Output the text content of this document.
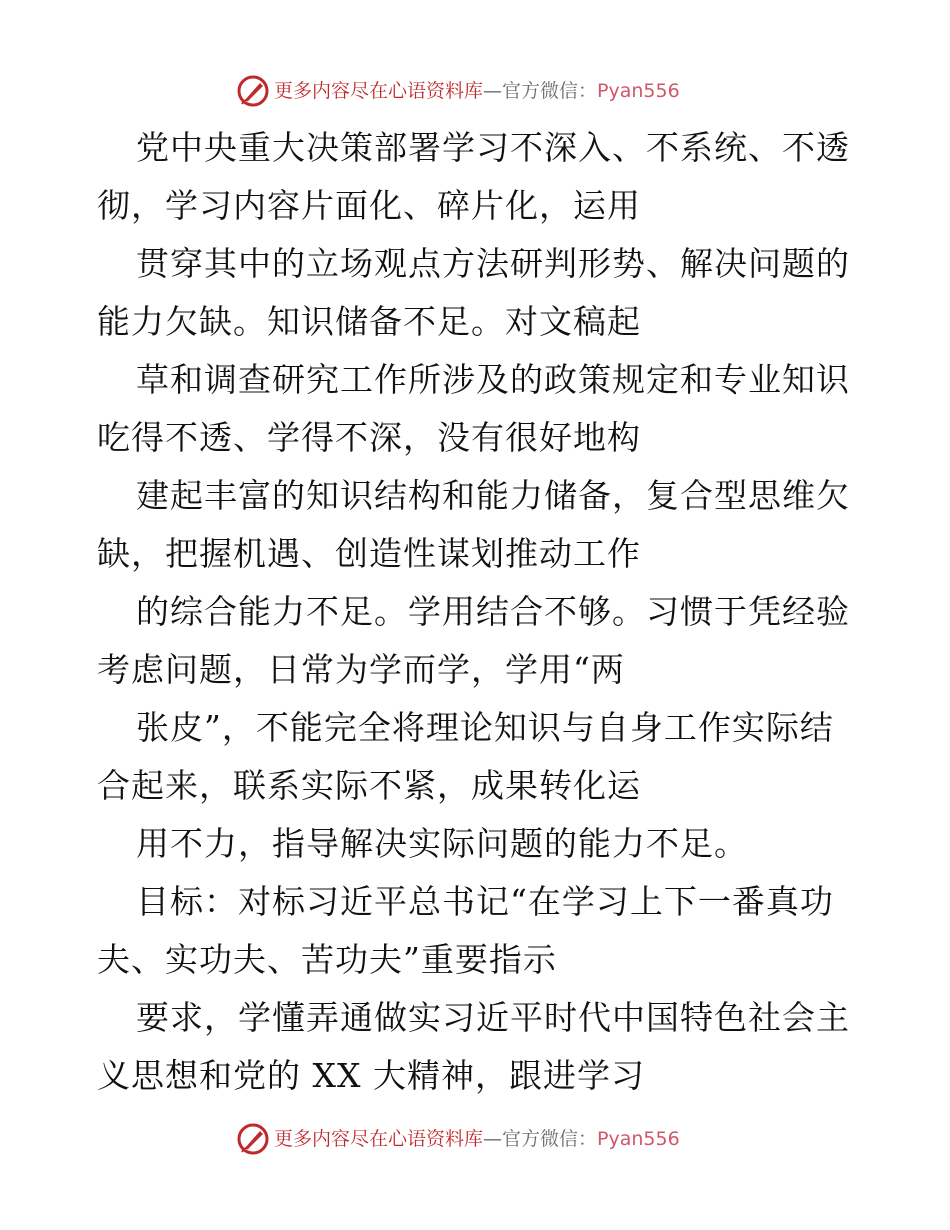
更多内容尽在心语资料库—官方微信：Pyan556
党中央重大决策部署学习不深入、不系统、不透
彻，学习内容片面化、碎片化，运用
贯穿其中的立场观点方法研判形势、解决问题的
能力欠缺。知识储备不足。对文稿起
草和调查研究工作所涉及的政策规定和专业知识
吃得不透、学得不深，没有很好地构
建起丰富的知识结构和能力储备，复合型思维欠
缺，把握机遇、创造性谋划推动工作
的综合能力不足。学用结合不够。习惯于凭经验
考虑问题，日常为学而学，学用“两
张皮”，不能完全将理论知识与自身工作实际结
合起来，联系实际不紧，成果转化运
用不力，指导解决实际问题的能力不足。
目标：对标习近平总书记“在学习上下一番真功
夫、实功夫、苦功夫”重要指示
要求，学懂弄通做实习近平时代中国特色社会主
义思想和党的 XX 大精神，跟进学习
更多内容尽在心语资料库—官方微信：Pyan556
